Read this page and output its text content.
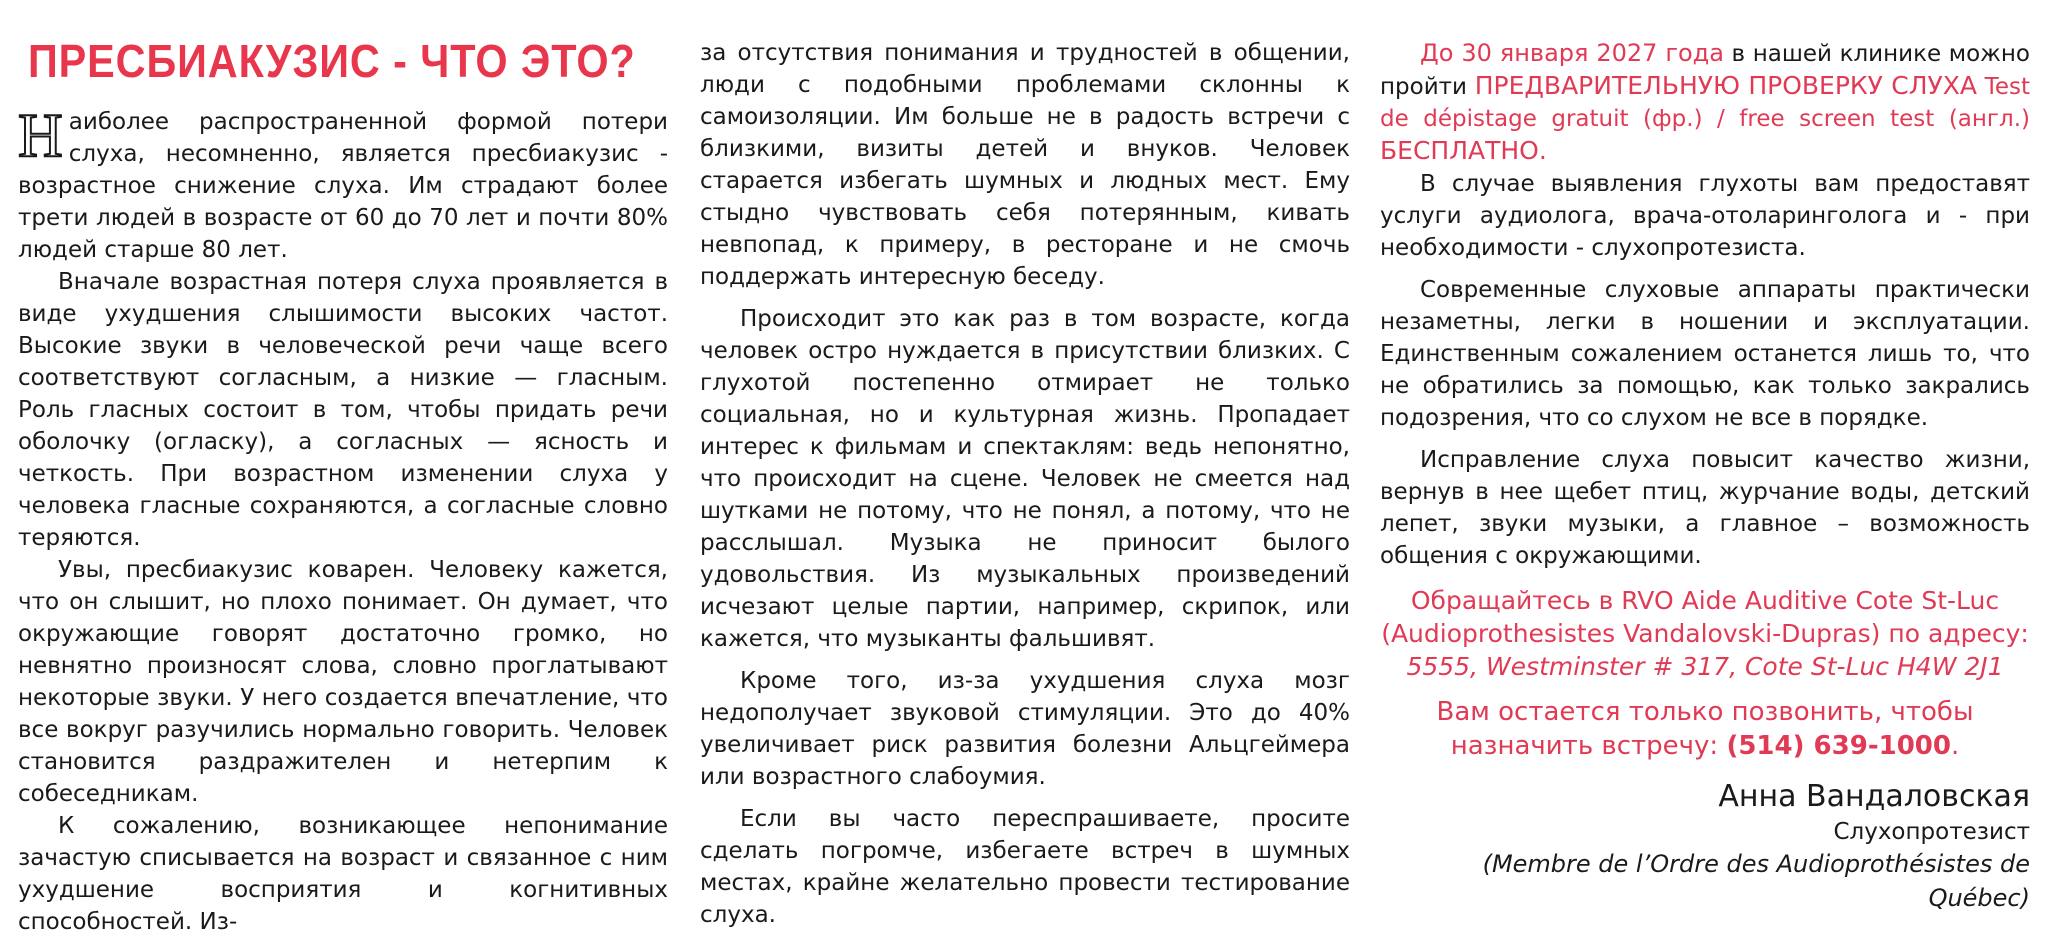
ПРЕСБИАКУЗИС - ЧТО ЭТО?

Наиболее распространенной формой потери слуха, несомненно, является пресбиакузис - возрастное снижение слуха. Им страдают более трети людей в возрасте от 60 до 70 лет и почти 80% людей старше 80 лет.

Вначале возрастная потеря слуха проявляется в виде ухудшения слышимости высоких частот. Высокие звуки в человеческой речи чаще всего соответствуют согласным, а низкие — гласным. Роль гласных состоит в том, чтобы придать речи оболочку (огласку), а согласных — ясность и четкость. При возрастном изменении слуха у человека гласные сохраняются, а согласные словно теряются.

Увы, пресбиакузис коварен. Человеку кажется, что он слышит, но плохо понимает. Он думает, что окружающие говорят достаточно громко, но невнятно произносят слова, словно проглатывают некоторые звуки. У него создается впечатление, что все вокруг разучились нормально говорить. Человек становится раздражителен и нетерпим к собеседникам.

К сожалению, возникающее непонимание зачастую списывается на возраст и связанное с ним ухудшение восприятия и когнитивных способностей. Из-

за отсутствия понимания и трудностей в общении, люди с подобными проблемами склонны к самоизоляции. Им больше не в радость встречи с близкими, визиты детей и внуков. Человек старается избегать шумных и людных мест. Ему стыдно чувствовать себя потерянным, кивать невпопад, к примеру, в ресторане и не смочь поддержать интересную беседу.

Происходит это как раз в том возрасте, когда человек остро нуждается в присутствии близких. С глухотой постепенно отмирает не только социальная, но и культурная жизнь. Пропадает интерес к фильмам и спектаклям: ведь непонятно, что происходит на сцене. Человек не смеется над шутками не потому, что не понял, а потому, что не расслышал. Музыка не приносит былого удовольствия. Из музыкальных произведений исчезают целые партии, например, скрипок, или кажется, что музыканты фальшивят.

Кроме того, из-за ухудшения слуха мозг недополучает звуковой стимуляции. Это до 40% увеличивает риск развития болезни Альцгеймера или возрастного слабоумия.

Если вы часто переспрашиваете, просите сделать погромче, избегаете встреч в шумных местах, крайне желательно провести тестирование слуха.

До 30 января 2027 года в нашей клинике можно пройти ПРЕДВАРИТЕЛЬНУЮ ПРОВЕРКУ СЛУХА Test de dépistage gratuit (фр.) / free screen test (англ.) БЕСПЛАТНО.

В случае выявления глухоты вам предоставят услуги аудиолога, врача-отоларинголога и - при необходимости - слухопротезиста.

Современные слуховые аппараты практически незаметны, легки в ношении и эксплуатации. Единственным сожалением останется лишь то, что не обратились за помощью, как только закрались подозрения, что со слухом не все в порядке.

Исправление слуха повысит качество жизни, вернув в нее щебет птиц, журчание воды, детский лепет, звуки музыки, а главное – возможность общения с окружающими.

Обращайтесь в RVO Aide Auditive Cote St-Luc
(Audioprothesistes Vandalovski-Dupras) по адресу:
5555, Westminster # 317, Cote St-Luc H4W 2J1
Вам остается только позвонить, чтобы назначить встречу: (514) 639-1000.
Анна Вандаловская
Слухопротезист
(Membre de l’Ordre des Audioprothésistes de Québec)
